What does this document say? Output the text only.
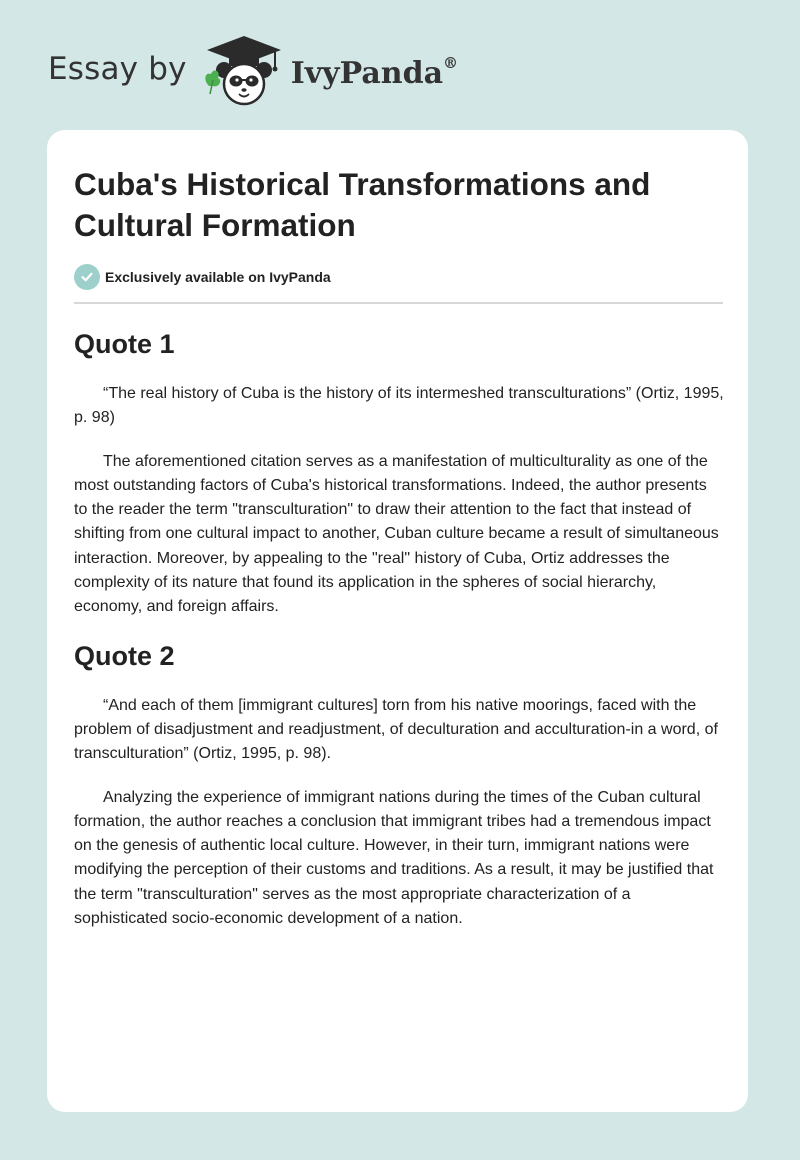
Essay by	IvyPanda®
Cuba's Historical Transformations and Cultural Formation
Exclusively available on IvyPanda
Quote 1

“The real history of Cuba is the history of its intermeshed transculturations” (Ortiz, 1995, p. 98)

The aforementioned citation serves as a manifestation of multiculturality as one of the most outstanding factors of Cuba's historical transformations. Indeed, the author presents to the reader the term "transculturation" to draw their attention to the fact that instead of shifting from one cultural impact to another, Cuban culture became a result of simultaneous interaction. Moreover, by appealing to the "real" history of Cuba, Ortiz addresses the complexity of its nature that found its application in the spheres of social hierarchy, economy, and foreign affairs.

Quote 2

“And each of them [immigrant cultures] torn from his native moorings, faced with the problem of disadjustment and readjustment, of deculturation and acculturation-in a word, of transculturation” (Ortiz, 1995, p. 98).

Analyzing the experience of immigrant nations during the times of the Cuban cultural formation, the author reaches a conclusion that immigrant tribes had a tremendous impact on the genesis of authentic local culture. However, in their turn, immigrant nations were modifying the perception of their customs and traditions. As a result, it may be justified that the term "transculturation" serves as the most appropriate characterization of a sophisticated socio-economic development of a nation.
